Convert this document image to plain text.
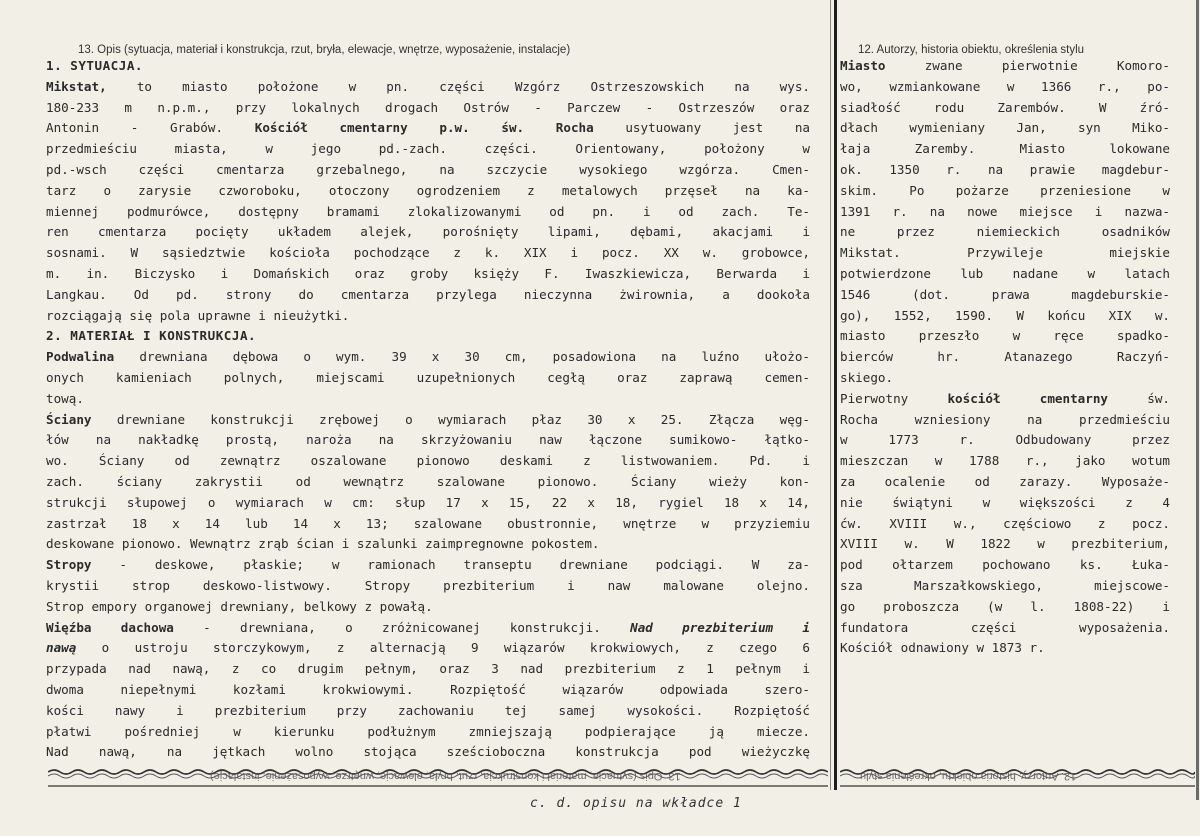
13. Opis (sytuacja, materiał i konstrukcja, rzut, bryła, elewacje, wnętrze, wyposażenie, instalacje)	12. Autorzy, historia obiektu, określenia stylu
1. SYTUACJA.
Mikstat, to miasto położone w pn. części Wzgórz Ostrzeszowskich na wys.
180-233 m n.p.m., przy lokalnych drogach Ostrów - Parczew - Ostrzeszów oraz
Antonin - Grabów. Kościół cmentarny p.w. św. Rocha usytuowany jest na
przedmieściu miasta, w jego pd.-zach. części. Orientowany, położony w
pd.-wsch części cmentarza grzebalnego, na szczycie wysokiego wzgórza. Cmen-
tarz o zarysie czworoboku, otoczony ogrodzeniem z metalowych przęseł na ka-
miennej podmurówce, dostępny bramami zlokalizowanymi od pn. i od zach. Te-
ren cmentarza pocięty układem alejek, porośnięty lipami, dębami, akacjami i
sosnami. W sąsiedztwie kościoła pochodzące z k. XIX i pocz. XX w. grobowce,
m. in. Biczysko i Domańskich oraz groby księży F. Iwaszkiewicza, Berwarda i
Langkau. Od pd. strony do cmentarza przylega nieczynna żwirownia, a dookoła
rozciągają się pola uprawne i nieużytki.
2. MATERIAŁ I KONSTRUKCJA.
Podwalina drewniana dębowa o wym. 39 x 30 cm, posadowiona na luźno ułożo-
onych kamieniach polnych, miejscami uzupełnionych cegłą oraz zaprawą cemen-
tową.
Ściany drewniane konstrukcji zrębowej o wymiarach płaz 30 x 25. Złącza węg-
łów na nakładkę prostą, naroża na skrzyżowaniu naw łączone sumikowo- łątko-
wo. Ściany od zewnątrz oszalowane pionowo deskami z listwowaniem. Pd. i
zach. ściany zakrystii od wewnątrz szalowane pionowo. Ściany wieży kon-
strukcji słupowej o wymiarach w cm: słup 17 x 15, 22 x 18, rygiel 18 x 14,
zastrzał 18 x 14 lub 14 x 13; szalowane obustronnie, wnętrze w przyziemiu
deskowane pionowo. Wewnątrz zrąb ścian i szalunki zaimpregnowne pokostem.
Stropy - deskowe, płaskie; w ramionach transeptu drewniane podciągi. W za-
krystii strop deskowo-listwowy. Stropy prezbiterium i naw malowane olejno.
Strop empory organowej drewniany, belkowy z powałą.
Więźba dachowa - drewniana, o zróżnicowanej konstrukcji. Nad prezbiterium i
nawą o ustroju storczykowym, z alternacją 9 wiązarów krokwiowych, z czego 6
przypada nad nawą, z co drugim pełnym, oraz 3 nad prezbiterium z 1 pełnym i
dwoma niepełnymi kozłami krokwiowymi. Rozpiętość wiązarów odpowiada szero-
kości nawy i prezbiterium przy zachowaniu tej samej wysokości. Rozpiętość
płatwi pośredniej w kierunku podłużnym zmniejszają podpierające ją miecze.
Nad nawą, na jętkach wolno stojąca sześcioboczna konstrukcja pod wieżyczkę
Miasto zwane pierwotnie Komoro-
wo, wzmiankowane w 1366 r., po-
siadłość rodu Zarembów. W źró-
dłach wymieniany Jan, syn Miko-
łaja Zaremby. Miasto lokowane
ok. 1350 r. na prawie magdebur-
skim. Po pożarze przeniesione w
1391 r. na nowe miejsce i nazwa-
ne przez niemieckich osadników
Mikstat. Przywileje miejskie
potwierdzone lub nadane w latach
1546 (dot. prawa magdeburskie-
go), 1552, 1590. W końcu XIX w.
miasto przeszło w ręce spadko-
bierców hr. Atanazego Raczyń-
skiego.
Pierwotny kościół cmentarny św.
Rocha wzniesiony na przedmieściu
w 1773 r. Odbudowany przez
mieszczan w 1788 r., jako wotum
za ocalenie od zarazy. Wyposaże-
nie świątyni w większości z 4
ćw. XVIII w., częściowo z pocz.
XVIII w. W 1822 w prezbiterium,
pod ołtarzem pochowano ks. Łuka-
sza Marszałkowskiego, miejscowe-
go proboszcza (w l. 1808-22) i
fundatora części wyposażenia.
Kościół odnawiony w 1873 r.
13. Opis (sytuacja, materiał i konstrukcja, rzut, bryła, elewacje, wnętrze, wyposażenie, instalacje)	12. Autorzy, historia obiektu, określenia stylu
c. d. opisu na wkładce 1
